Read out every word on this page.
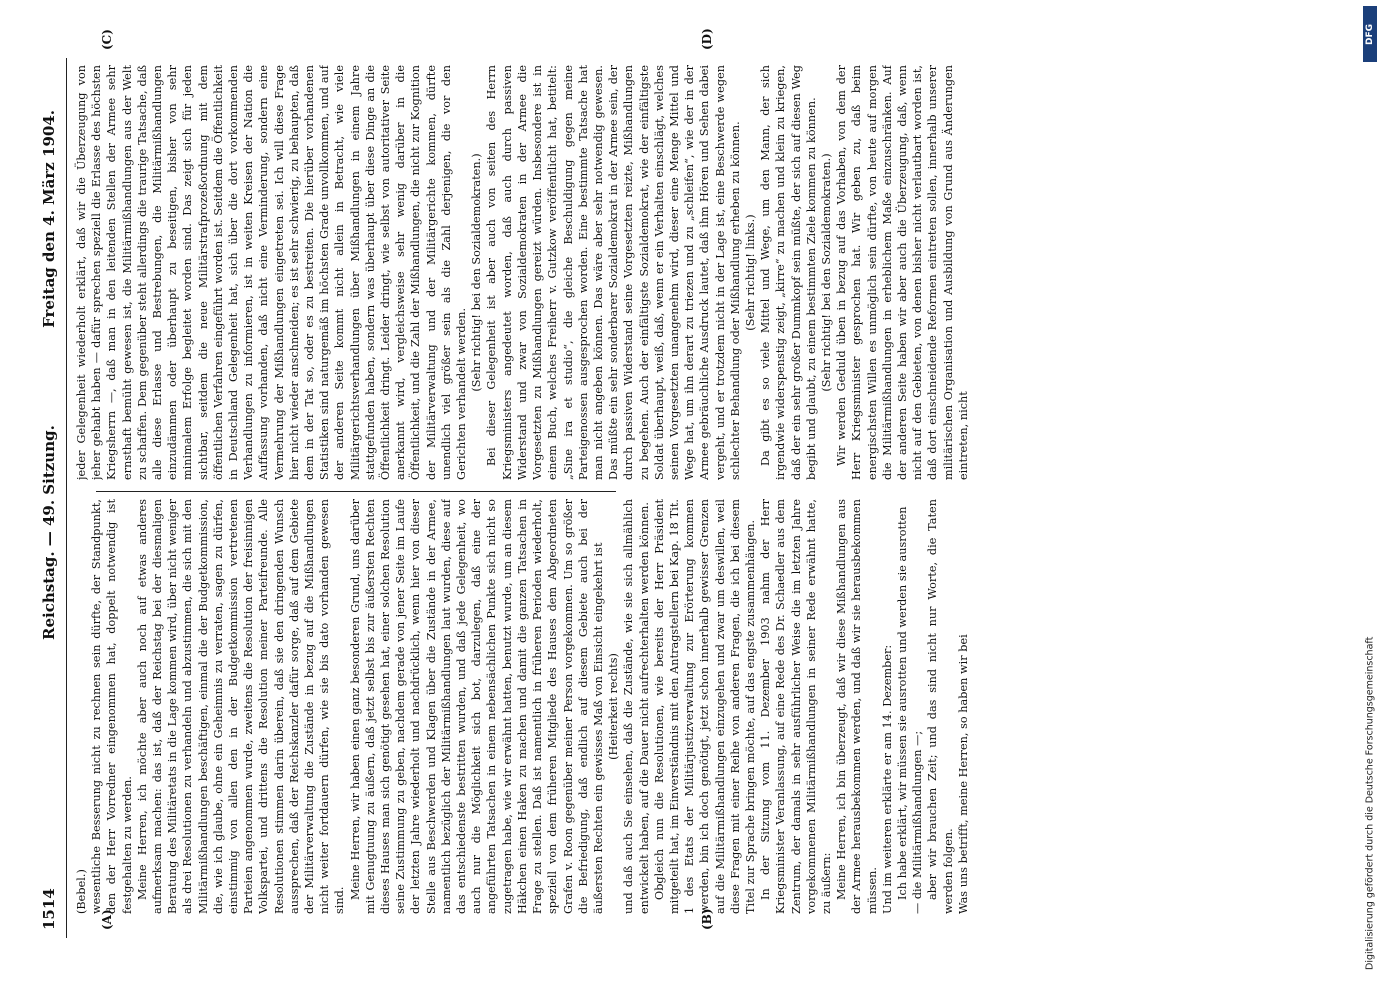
1514
Reichstag. — 49. Sitzung.
Freitag den 4. März 1904.
(A)	(B)
(C)	(D)

(Bebel.) wesentliche Besserung nicht zu rechnen sein dürfte, der Standpunkt, den der Herr Vorredner eingenommen hat, doppelt notwendig ist festgehalten zu werden. Meine Herren, ich möchte aber auch noch auf etwas anderes aufmerksam machen: das ist, daß der Reichstag bei der diesmaligen Beratung des Militäretats in die Lage kommen wird, über nicht weniger als drei Resolutionen zu verhandeln und abzustimmen, die sich mit den Militärmißhandlungen beschäftigen, einmal die der Budgetkommission, die, wie ich glaube, ohne ein Geheimnis zu verraten, sagen zu dürfen, einstimmig von allen den in der Budgetkommission vertretenen Parteien angenommen wurde, zweitens die Resolution der freisinnigen Volkspartei, und drittens die Resolution meiner Parteifreunde. Alle Resolutionen stimmen darin überein, daß sie den dringenden Wunsch aussprechen, daß der Reichskanzler dafür sorge, daß auf dem Gebiete der Militärverwaltung die Zustände in bezug auf die Mißhandlungen nicht weiter fortdauern dürfen, wie sie bis dato vorhanden gewesen sind.

Meine Herren, wir haben einen ganz besonderen Grund, uns darüber mit Genugtuung zu äußern, daß jetzt selbst bis zur äußersten Rechten dieses Hauses man sich genötigt gesehen hat, einer solchen Resolution seine Zustimmung zu geben, nachdem gerade von jener Seite im Laufe der letzten Jahre wiederholt und nachdrücklich, wenn hier von dieser Stelle aus Beschwerden und Klagen über die Zustände in der Armee, namentlich bezüglich der Militärmißhandlungen laut wurden, diese auf das entschiedenste bestritten wurden, und daß jede Gelegenheit, wo auch nur die Möglichkeit sich bot, darzulegen, daß eine der angeführten Tatsachen in einem nebensächlichen Punkte sich nicht so zugetragen habe, wie wir erwähnt hatten, benutzt wurde, um an diesem Häkchen einen Haken zu machen und damit die ganzen Tatsachen in Frage zu stellen. Daß ist namentlich in früheren Perioden wiederholt, speziell von dem früheren Mitgliede des Hauses dem Abgeordneten Grafen v. Roon gegenüber meiner Person vorgekommen. Um so größer die Befriedigung, daß endlich auf diesem Gebiete auch bei der äußersten Rechten ein gewisses Maß von Einsicht eingekehrt ist (Heiterkeit rechts) und daß auch Sie einsehen, daß die Zustände, wie sie sich allmählich entwickelt haben, auf die Dauer nicht aufrechterhalten werden können. Obgleich nun die Resolutionen, wie bereits der Herr Präsident mitgeteilt hat, im Einverständnis mit den Antragstellern bei Kap. 18 Tit. 1 des Etats der Militärjustizverwaltung zur Erörterung kommen werden, bin ich doch genötigt, jetzt schon innerhalb gewisser Grenzen auf die Militärmißhandlungen einzugehen und zwar um deswillen, weil diese Fragen mit einer Reihe von anderen Fragen, die ich bei diesem Titel zur Sprache bringen möchte, auf das engste zusammenhängen. In der Sitzung vom 11. Dezember 1903 nahm der Herr Kriegsminister Veranlassung, auf eine Rede des Dr. Schaedler aus dem Zentrum, der damals in sehr ausführlicher Weise die im letzten Jahre vorgekommenen Militärmißhandlungen in seiner Rede erwähnt hatte, zu äußern: Meine Herren, ich bin überzeugt, daß wir diese Mißhandlungen aus der Armee herausbekommen werden, und daß wir sie herausbekommen müssen. Und im weiteren erklärte er am 14. Dezember: Ich habe erklärt, wir müssen sie ausrotten und werden sie ausrotten — die Militärmißhandlungen —; aber wir brauchen Zeit; und das sind nicht nur Worte, die Taten werden folgen. Was uns betrifft, meine Herren, so haben wir bei

jeder Gelegenheit wiederholt erklärt, daß wir die Überzeugung von jeher gehabt haben — dafür sprechen speziell die Erlasse des höchsten Kriegsherrn —, daß man in den leitenden Stellen der Armee sehr ernsthaft bemüht gewesen ist, die Militärmißhandlungen aus der Welt zu schaffen. Dem gegenüber steht allerdings die traurige Tatsache, daß alle diese Erlasse und Bestrebungen, die Militärmißhandlungen einzudämmen oder überhaupt zu beseitigen, bisher von sehr minimalem Erfolge begleitet worden sind. Das zeigt sich für jeden sichtbar, seitdem die neue Militärstrafprozeßordnung mit dem öffentlichen Verfahren eingeführt worden ist. Seitdem die Öffentlichkeit in Deutschland Gelegenheit hat, sich über die dort vorkommenden Verhandlungen zu informieren, ist in weiten Kreisen der Nation die Auffassung vorhanden, daß nicht eine Verminderung, sondern eine Vermehrung der Mißhandlungen eingetreten sei. Ich will diese Frage hier nicht wieder anschneiden; es ist sehr schwierig, zu behaupten, daß dem in der Tat so, oder es zu bestreiten. Die hierüber vorhandenen Statistiken sind naturgemäß im höchsten Grade unvollkommen, und auf der anderen Seite kommt nicht allein in Betracht, wie viele Militärgerichtsverhandlungen über Mißhandlungen in einem Jahre stattgefunden haben, sondern was überhaupt über diese Dinge an die Öffentlichkeit dringt. Leider dringt, wie selbst von autoritativer Seite anerkannt wird, vergleichsweise sehr wenig darüber in die Öffentlichkeit, und die Zahl der Mißhandlungen, die nicht zur Kognition der Militärverwaltung und der Militärgerichte kommen, dürfte unendlich viel größer sein als die Zahl derjenigen, die vor den Gerichten verhandelt werden.

(Sehr richtig! bei den Sozialdemokraten.) Bei dieser Gelegenheit ist aber auch von seiten des Herrn Kriegsministers angedeutet worden, daß auch durch passiven Widerstand und zwar von Sozialdemokraten in der Armee die Vorgesetzten zu Mißhandlungen gereizt würden. Insbesondere ist in einem Buch, welches Freiherr v. Gutzkow veröffentlicht hat, betitelt: „Sine ira et studio“, die gleiche Beschuldigung gegen meine Parteigenossen ausgesprochen worden. Eine bestimmte Tatsache hat man nicht angeben können. Das wäre aber sehr notwendig gewesen. Das müßte ein sehr sonderbarer Sozialdemokrat in der Armee sein, der durch passiven Widerstand seine Vorgesetzten reizte, Mißhandlungen zu begehen. Auch der einfältigste Sozialdemokrat, wie der einfältigste Soldat überhaupt, weiß, daß, wenn er ein Verhalten einschlägt, welches seinen Vorgesetzten unangenehm wird, dieser eine Menge Mittel und Wege hat, um ihn derart zu triezen und zu „schleifen“, wie der in der Armee gebräuchliche Ausdruck lautet, daß ihm Hören und Sehen dabei vergeht, und er trotzdem nicht in der Lage ist, eine Beschwerde wegen schlechter Behandlung oder Mißhandlung erheben zu können. (Sehr richtig! links.) Da gibt es so viele Mittel und Wege, um den Mann, der sich irgendwie widerspenstig zeigt, „kirre“ zu machen und klein zu kriegen, daß der ein sehr großer Dummkopf sein müßte, der sich auf diesen Weg begibt und glaubt, zu einem bestimmten Ziele kommen zu können. (Sehr richtig! bei den Sozialdemokraten.) Wir werden Geduld üben in bezug auf das Vorhaben, von dem der Herr Kriegsminister gesprochen hat. Wir geben zu, daß beim energischsten Willen es unmöglich sein dürfte, von heute auf morgen die Militärmißhandlungen in erheblichem Maße einzuschränken. Auf der anderen Seite haben wir aber auch die Überzeugung, daß, wenn nicht auf den Gebieten, von denen bisher nicht verlautbart worden ist, daß dort einschneidende Reformen eintreten sollen, innerhalb unserer militärischen Organisation und Ausbildung von Grund aus Änderungen eintreten, nicht

DFG
Digitalisierung gefördert durch die Deutsche Forschungsgemeinschaft
